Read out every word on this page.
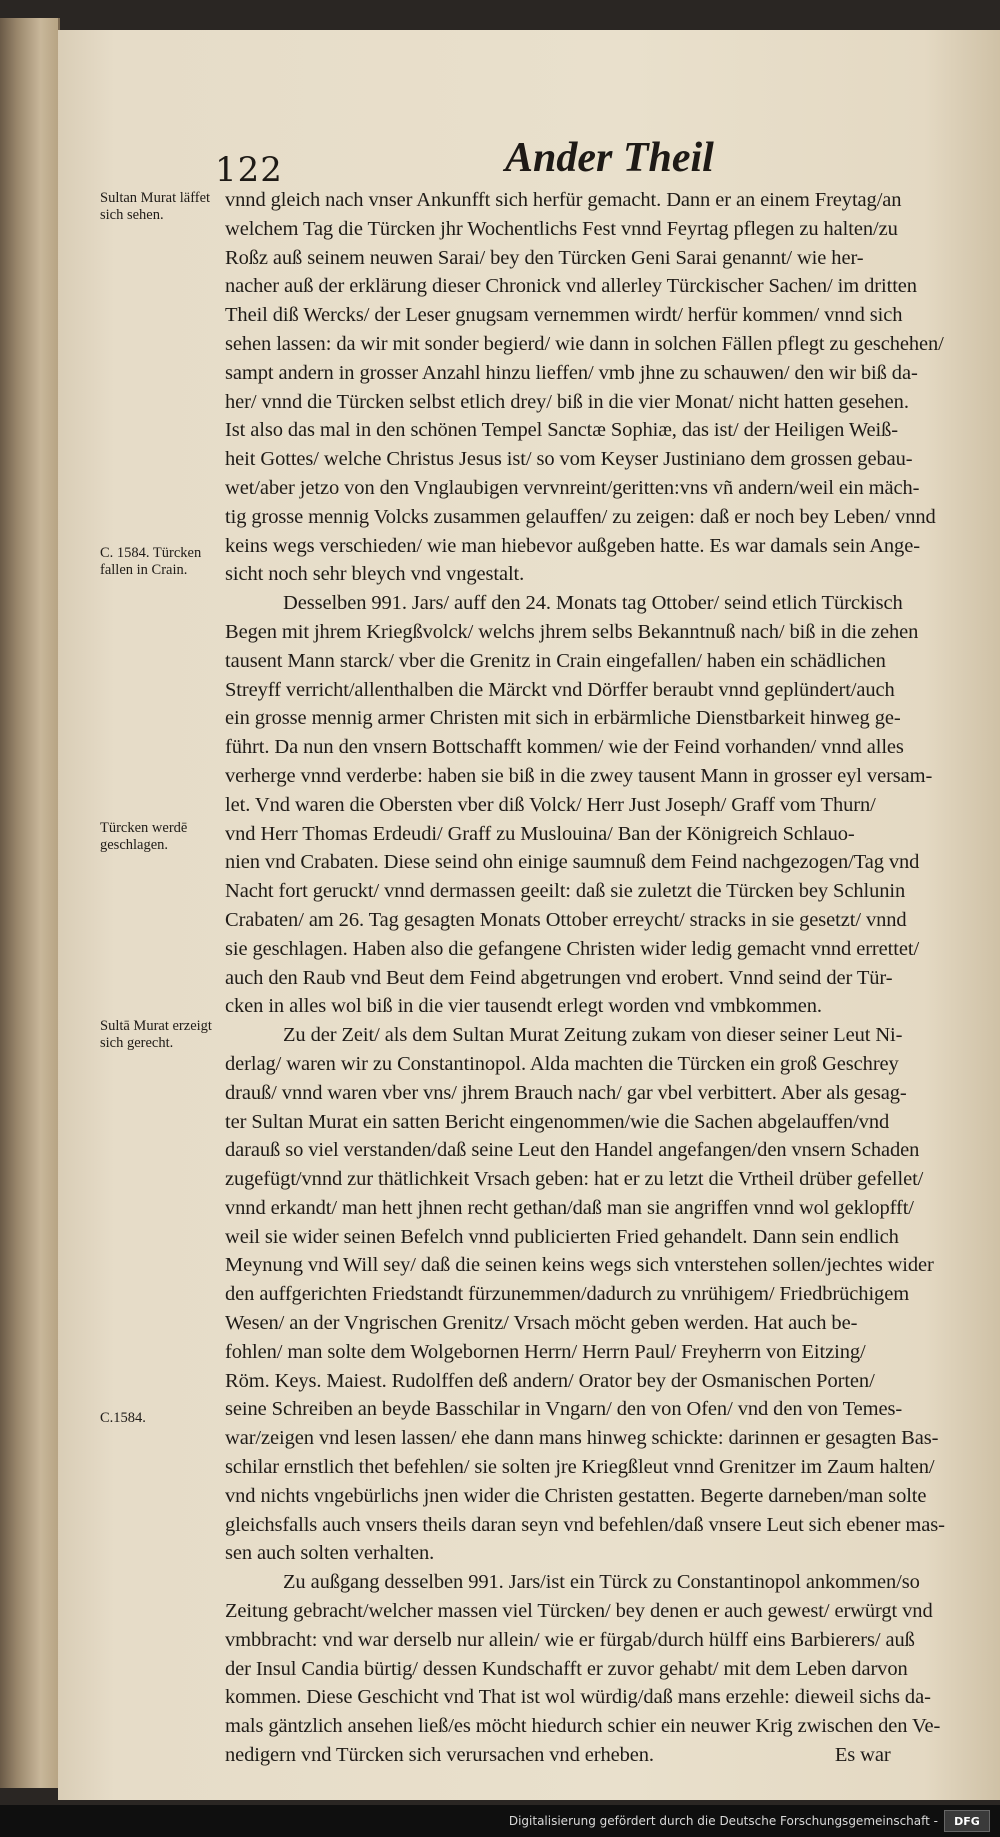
122	Ander Theil
Sultan Murat läffet sich sehen.
C. 1584. Türcken fallen in Crain.
Türcken werdē geschlagen.
Sultā Murat erzeigt sich gerecht.
C.1584.
vnnd gleich nach vnser Ankunfft sich herfür gemacht. Dann er an einem Freytag/an
welchem Tag die Türcken jhr Wochentlichs Fest vnnd Feyrtag pflegen zu halten/zu
Roßz auß seinem neuwen Sarai/ bey den Türcken Geni Sarai genannt/ wie her-
nacher auß der erklärung dieser Chronick vnd allerley Türckischer Sachen/ im dritten
Theil diß Wercks/ der Leser gnugsam vernemmen wirdt/ herfür kommen/ vnnd sich
sehen lassen: da wir mit sonder begierd/ wie dann in solchen Fällen pflegt zu geschehen/
sampt andern in grosser Anzahl hinzu lieffen/ vmb jhne zu schauwen/ den wir biß da-
her/ vnnd die Türcken selbst etlich drey/ biß in die vier Monat/ nicht hatten gesehen.
Ist also das mal in den schönen Tempel Sanctæ Sophiæ, das ist/ der Heiligen Weiß-
heit Gottes/ welche Christus Jesus ist/ so vom Keyser Justiniano dem grossen gebau-
wet/aber jetzo von den Vnglaubigen vervnreint/geritten:vns vñ andern/weil ein mäch-
tig grosse mennig Volcks zusammen gelauffen/ zu zeigen: daß er noch bey Leben/ vnnd
keins wegs verschieden/ wie man hiebevor außgeben hatte. Es war damals sein Ange-
sicht noch sehr bleych vnd vngestalt.
Desselben 991. Jars/ auff den 24. Monats tag Ottober/ seind etlich Türckisch
Begen mit jhrem Kriegßvolck/ welchs jhrem selbs Bekanntnuß nach/ biß in die zehen
tausent Mann starck/ vber die Grenitz in Crain eingefallen/ haben ein schädlichen
Streyff verricht/allenthalben die Märckt vnd Dörffer beraubt vnnd geplündert/auch
ein grosse mennig armer Christen mit sich in erbärmliche Dienstbarkeit hinweg ge-
führt. Da nun den vnsern Bottschafft kommen/ wie der Feind vorhanden/ vnnd alles
verherge vnnd verderbe: haben sie biß in die zwey tausent Mann in grosser eyl versam-
let. Vnd waren die Obersten vber diß Volck/ Herr Just Joseph/ Graff vom Thurn/
vnd Herr Thomas Erdeudi/ Graff zu Muslouina/ Ban der Königreich Schlauo-
nien vnd Crabaten. Diese seind ohn einige saumnuß dem Feind nachgezogen/Tag vnd
Nacht fort geruckt/ vnnd dermassen geeilt: daß sie zuletzt die Türcken bey Schlunin
Crabaten/ am 26. Tag gesagten Monats Ottober erreycht/ stracks in sie gesetzt/ vnnd
sie geschlagen. Haben also die gefangene Christen wider ledig gemacht vnnd errettet/
auch den Raub vnd Beut dem Feind abgetrungen vnd erobert. Vnnd seind der Tür-
cken in alles wol biß in die vier tausendt erlegt worden vnd vmbkommen.
Zu der Zeit/ als dem Sultan Murat Zeitung zukam von dieser seiner Leut Ni-
derlag/ waren wir zu Constantinopol. Alda machten die Türcken ein groß Geschrey
drauß/ vnnd waren vber vns/ jhrem Brauch nach/ gar vbel verbittert. Aber als gesag-
ter Sultan Murat ein satten Bericht eingenommen/wie die Sachen abgelauffen/vnd
darauß so viel verstanden/daß seine Leut den Handel angefangen/den vnsern Schaden
zugefügt/vnnd zur thätlichkeit Vrsach geben: hat er zu letzt die Vrtheil drüber gefellet/
vnnd erkandt/ man hett jhnen recht gethan/daß man sie angriffen vnnd wol geklopfft/
weil sie wider seinen Befelch vnnd publicierten Fried gehandelt. Dann sein endlich
Meynung vnd Will sey/ daß die seinen keins wegs sich vnterstehen sollen/jechtes wider
den auffgerichten Friedstandt fürzunemmen/dadurch zu vnrühigem/ Friedbrüchigem
Wesen/ an der Vngrischen Grenitz/ Vrsach möcht geben werden. Hat auch be-
fohlen/ man solte dem Wolgebornen Herrn/ Herrn Paul/ Freyherrn von Eitzing/
Röm. Keys. Maiest. Rudolffen deß andern/ Orator bey der Osmanischen Porten/
seine Schreiben an beyde Basschilar in Vngarn/ den von Ofen/ vnd den von Temes-
war/zeigen vnd lesen lassen/ ehe dann mans hinweg schickte: darinnen er gesagten Bas-
schilar ernstlich thet befehlen/ sie solten jre Kriegßleut vnnd Grenitzer im Zaum halten/
vnd nichts vngebürlichs jnen wider die Christen gestatten. Begerte darneben/man solte
gleichsfalls auch vnsers theils daran seyn vnd befehlen/daß vnsere Leut sich ebener mas-
sen auch solten verhalten.
Zu außgang desselben 991. Jars/ist ein Türck zu Constantinopol ankommen/so
Zeitung gebracht/welcher massen viel Türcken/ bey denen er auch gewest/ erwürgt vnd
vmbbracht: vnd war derselb nur allein/ wie er fürgab/durch hülff eins Barbierers/ auß
der Insul Candia bürtig/ dessen Kundschafft er zuvor gehabt/ mit dem Leben darvon
kommen. Diese Geschicht vnd That ist wol würdig/daß mans erzehle: dieweil sichs da-
mals gäntzlich ansehen ließ/es möcht hiedurch schier ein neuwer Krig zwischen den Ve-
nedigern vnd Türcken sich verursachen vnd erheben.                                    Es war
Digitalisierung gefördert durch die Deutsche Forschungsgemeinschaft -	DFG
